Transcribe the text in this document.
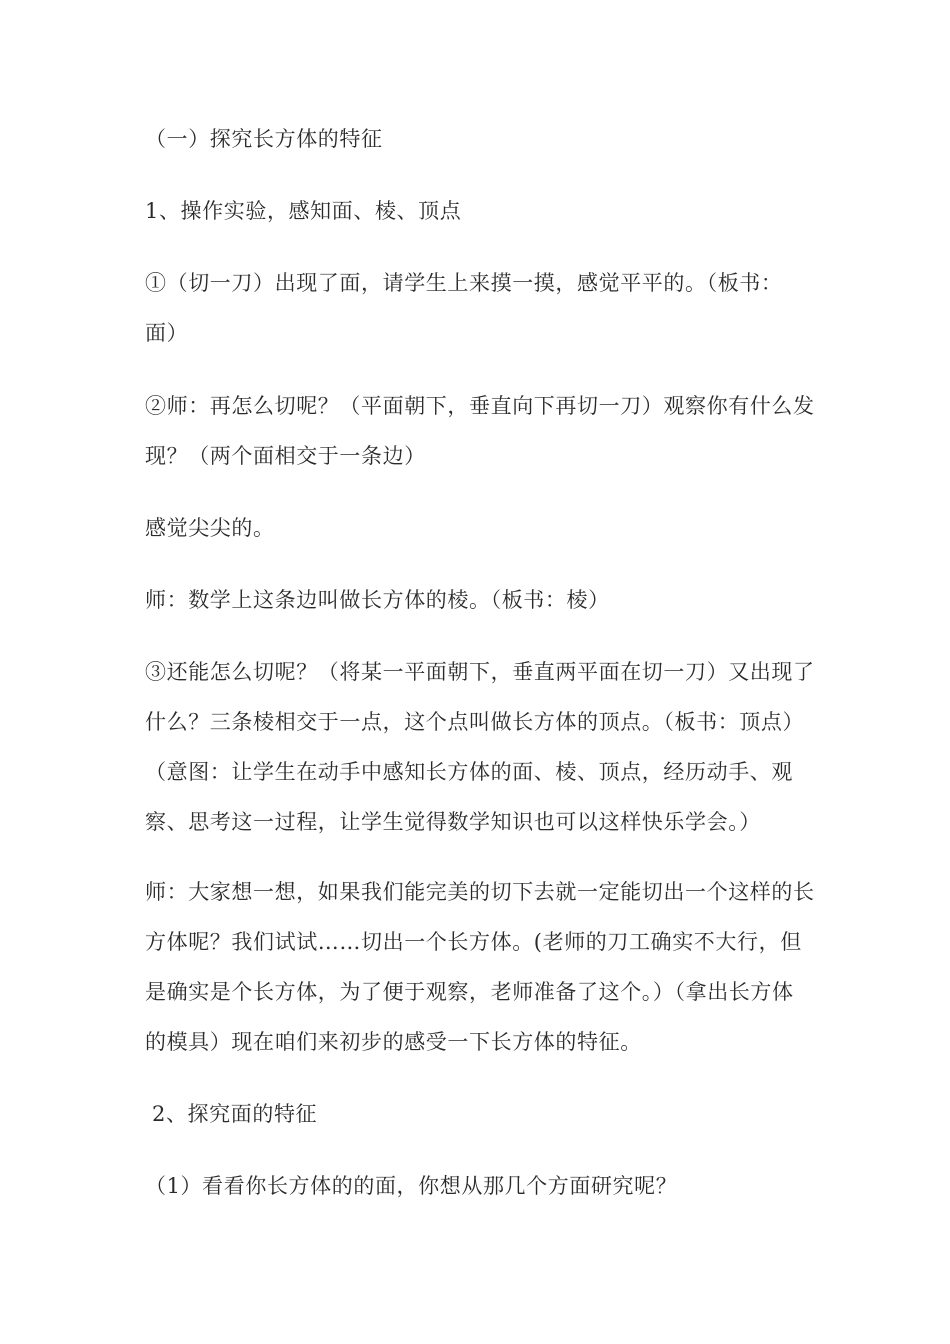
（一）探究长方体的特征

1、操作实验，感知面、棱、顶点

①（切一刀）出现了面，请学生上来摸一摸，感觉平平的。（板书：面）

②师：再怎么切呢？（平面朝下，垂直向下再切一刀）观察你有什么发现？（两个面相交于一条边）

感觉尖尖的。

师：数学上这条边叫做长方体的棱。（板书：棱）

③还能怎么切呢？（将某一平面朝下，垂直两平面在切一刀）又出现了什么？三条棱相交于一点，这个点叫做长方体的顶点。（板书：顶点）（意图：让学生在动手中感知长方体的面、棱、顶点，经历动手、观察、思考这一过程，让学生觉得数学知识也可以这样快乐学会。）

师：大家想一想，如果我们能完美的切下去就一定能切出一个这样的长方体呢？我们试试……切出一个长方体。(老师的刀工确实不大行，但是确实是个长方体，为了便于观察，老师准备了这个。）（拿出长方体的模具）现在咱们来初步的感受一下长方体的特征。

2、探究面的特征

（1）看看你长方体的的面，你想从那几个方面研究呢？
